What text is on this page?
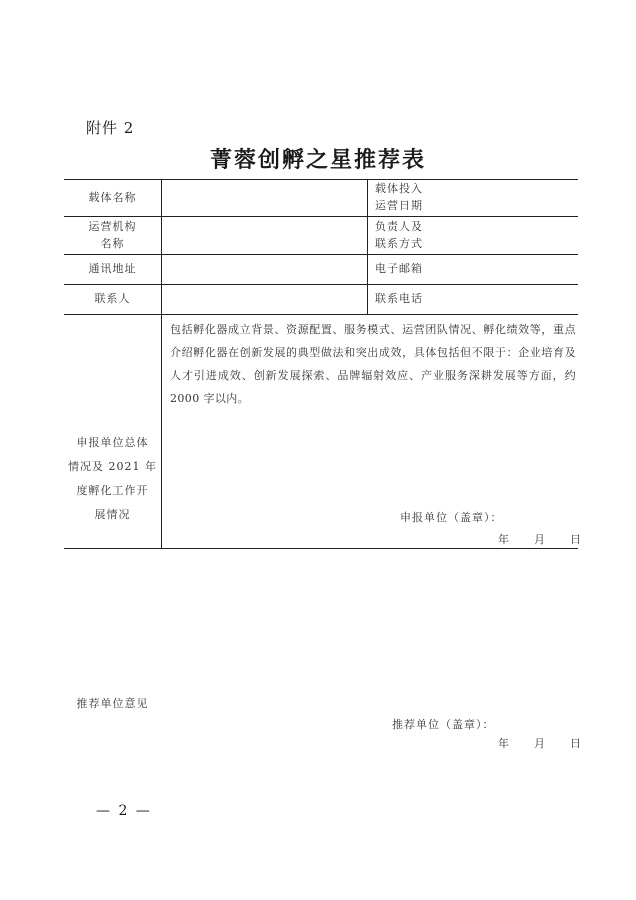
附件 2
菁蓉创孵之星推荐表
载体名称
载体投入
运营日期
运营机构
名称
负责人及
联系方式
通讯地址	电子邮箱
联系人	联系电话
申报单位总体
情况及 2021 年
度孵化工作开
展情况
包括孵化器成立背景、资源配置、服务模式、运营团队情况、孵化绩效等，重点介绍孵化器在创新发展的典型做法和突出成效，具体包括但不限于：企业培育及人才引进成效、创新发展探索、品牌辐射效应、产业服务深耕发展等方面，约 2000 字以内。
申报单位（盖章）：
年　　月　　日
推荐单位意见
推荐单位（盖章）：
年　　月　　日
— 2 —
